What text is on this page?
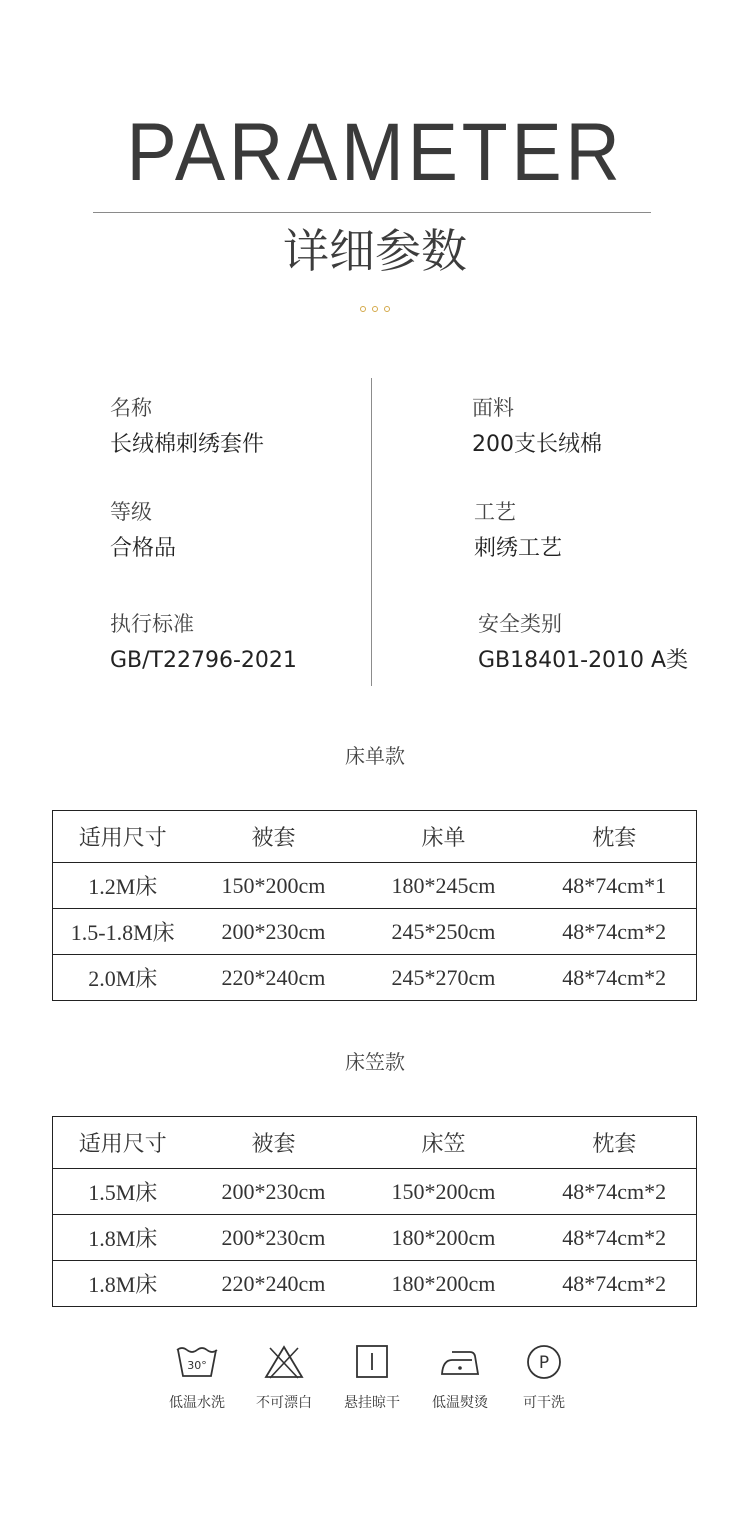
PARAMETER
详细参数
名称
长绒棉刺绣套件
面料
200支长绒棉
等级
合格品
工艺
刺绣工艺
执行标准
GB/T22796-2021
安全类别
GB18401-2010 A类
床单款
适用尺寸	被套	床单	枕套
1.2M床	150*200cm	180*245cm	48*74cm*1
1.5-1.8M床	200*230cm	245*250cm	48*74cm*2
2.0M床	220*240cm	245*270cm	48*74cm*2
床笠款
适用尺寸	被套	床笠	枕套
1.5M床	200*230cm	150*200cm	48*74cm*2
1.8M床	200*230cm	180*200cm	48*74cm*2
1.8M床	220*240cm	180*200cm	48*74cm*2
30°
低温水洗	不可漂白	悬挂晾干	低温熨烫
P
可干洗
